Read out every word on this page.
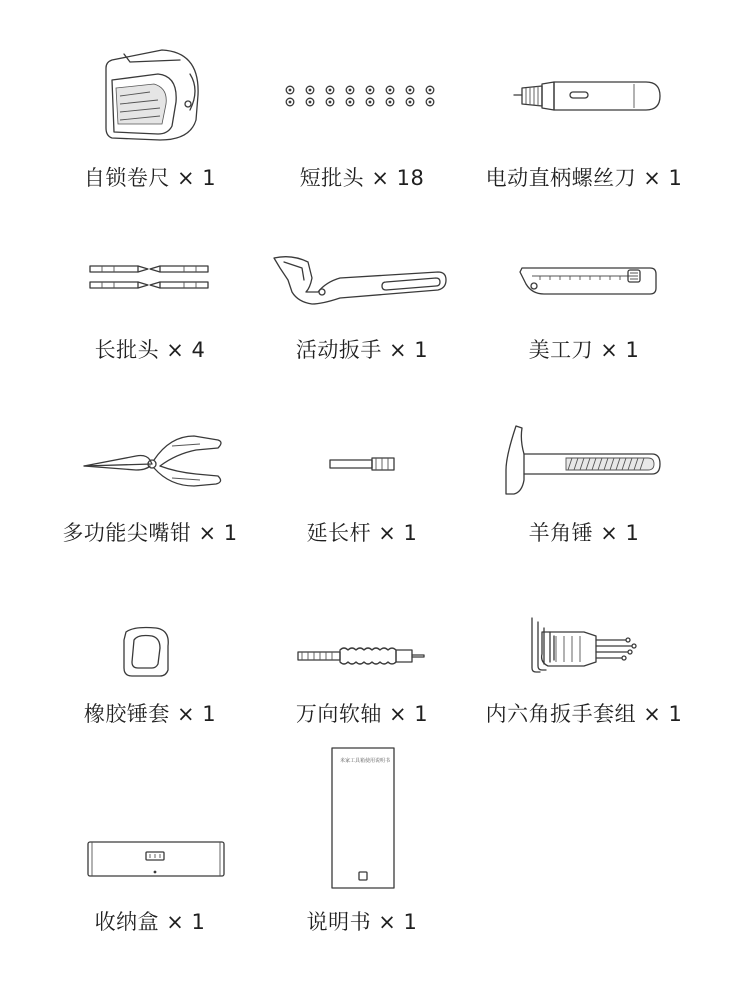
自锁卷尺 × 1	短批头 × 18	电动直柄螺丝刀 × 1
长批头 × 4	活动扳手 × 1	美工刀 × 1
多功能尖嘴钳 × 1	延长杆 × 1	羊角锤 × 1
橡胶锤套 × 1	万向软轴 × 1	内六角扳手套组 × 1
收纳盒 × 1
米家工具箱使用说明书
说明书 × 1
